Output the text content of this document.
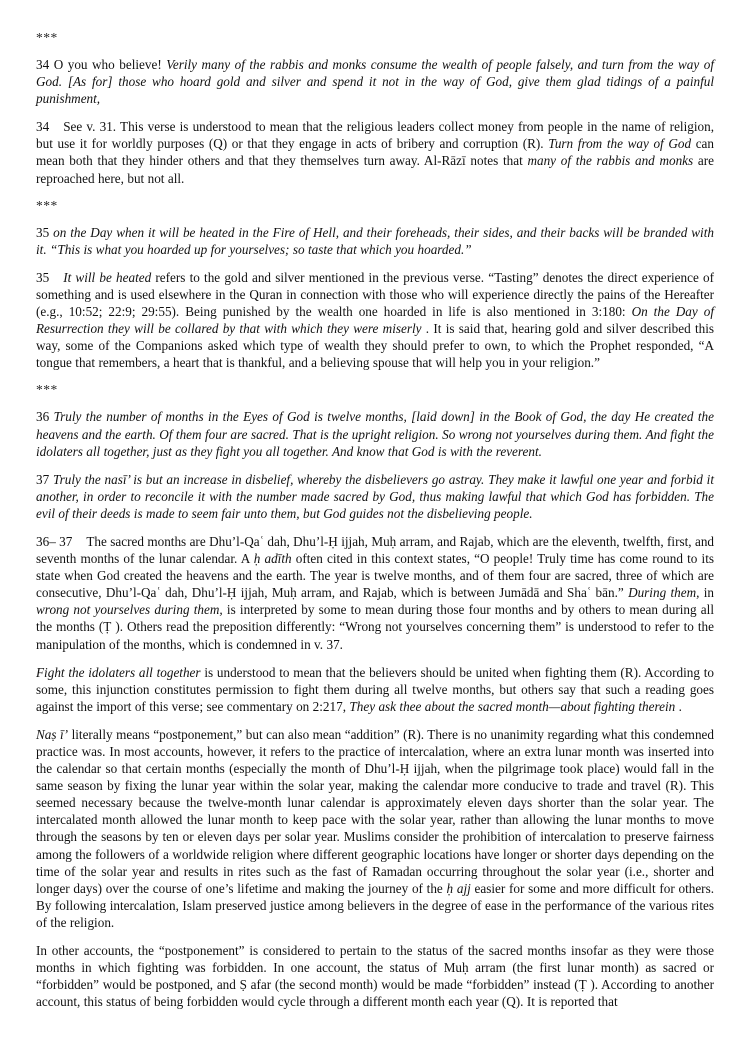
***

34 O you who believe! Verily many of the rabbis and monks consume the wealth of people falsely, and turn from the way of God. [As for] those who hoard gold and silver and spend it not in the way of God, give them glad tidings of a painful punishment,

34 See v. 31. This verse is understood to mean that the religious leaders collect money from people in the name of religion, but use it for worldly purposes (Q) or that they engage in acts of bribery and corruption (R). Turn from the way of God can mean both that they hinder others and that they themselves turn away. Al-Rāzī notes that many of the rabbis and monks are reproached here, but not all.

***

35 on the Day when it will be heated in the Fire of Hell, and their foreheads, their sides, and their backs will be branded with it. “This is what you hoarded up for yourselves; so taste that which you hoarded.”

35 It will be heated refers to the gold and silver mentioned in the previous verse. “Tasting” denotes the direct experience of something and is used elsewhere in the Quran in connection with those who will experience directly the pains of the Hereafter (e.g., 10:52; 22:9; 29:55). Being punished by the wealth one hoarded in life is also mentioned in 3:180: On the Day of Resurrection they will be collared by that with which they were miserly . It is said that, hearing gold and silver described this way, some of the Companions asked which type of wealth they should prefer to own, to which the Prophet responded, “A tongue that remembers, a heart that is thankful, and a believing spouse that will help you in your religion.”

***

36 Truly the number of months in the Eyes of God is twelve months, [laid down] in the Book of God, the day He created the heavens and the earth. Of them four are sacred. That is the upright religion. So wrong not yourselves during them. And fight the idolaters all together, just as they fight you all together. And know that God is with the reverent.

37 Truly the nasī’ is but an increase in disbelief, whereby the disbelievers go astray. They make it lawful one year and forbid it another, in order to reconcile it with the number made sacred by God, thus making lawful that which God has forbidden. The evil of their deeds is made to seem fair unto them, but God guides not the disbelieving people.

36– 37 The sacred months are Dhu’l-Qaʿ dah, Dhu’l-Ḥ ijjah, Muḥ arram, and Rajab, which are the eleventh, twelfth, first, and seventh months of the lunar calendar. A ḥ adīth often cited in this context states, “O people! Truly time has come round to its state when God created the heavens and the earth. The year is twelve months, and of them four are sacred, three of which are consecutive, Dhu’l-Qaʿ dah, Dhu’l-Ḥ ijjah, Muḥ arram, and Rajab, which is between Jumādā and Shaʿ bān.” During them, in wrong not yourselves during them, is interpreted by some to mean during those four months and by others to mean during all the months (Ṭ ). Others read the preposition differently: “Wrong not yourselves concerning them” is understood to refer to the manipulation of the months, which is condemned in v. 37.

Fight the idolaters all together is understood to mean that the believers should be united when fighting them (R). According to some, this injunction constitutes permission to fight them during all twelve months, but others say that such a reading goes against the import of this verse; see commentary on 2:217, They ask thee about the sacred month—about fighting therein .

Naṣ ī’ literally means “postponement,” but can also mean “addition” (R). There is no unanimity regarding what this condemned practice was. In most accounts, however, it refers to the practice of intercalation, where an extra lunar month was inserted into the calendar so that certain months (especially the month of Dhu’l-Ḥ ijjah, when the pilgrimage took place) would fall in the same season by fixing the lunar year within the solar year, making the calendar more conducive to trade and travel (R). This seemed necessary because the twelve-month lunar calendar is approximately eleven days shorter than the solar year. The intercalated month allowed the lunar month to keep pace with the solar year, rather than allowing the lunar months to move through the seasons by ten or eleven days per solar year. Muslims consider the prohibition of intercalation to preserve fairness among the followers of a worldwide religion where different geographic locations have longer or shorter days depending on the time of the solar year and results in rites such as the fast of Ramadan occurring throughout the solar year (i.e., shorter and longer days) over the course of one’s lifetime and making the journey of the ḥ ajj easier for some and more difficult for others. By following intercalation, Islam preserved justice among believers in the degree of ease in the performance of the various rites of the religion.

In other accounts, the “postponement” is considered to pertain to the status of the sacred months insofar as they were those months in which fighting was forbidden. In one account, the status of Muḥ arram (the first lunar month) as sacred or “forbidden” would be postponed, and Ṣ afar (the second month) would be made “forbidden” instead (Ṭ ). According to another account, this status of being forbidden would cycle through a different month each year (Q). It is reported that
